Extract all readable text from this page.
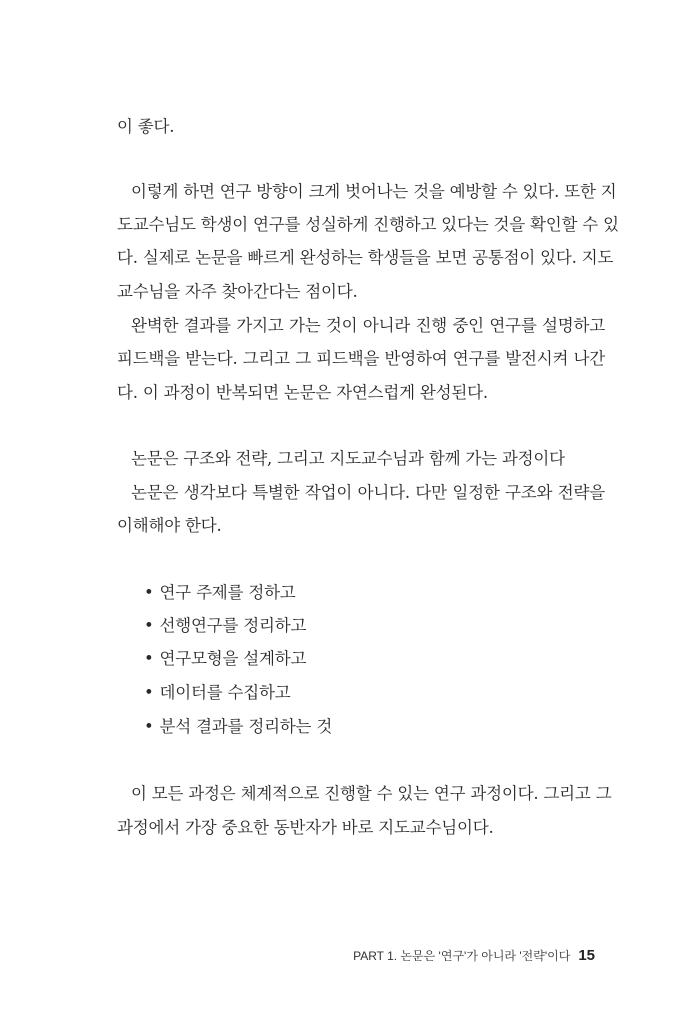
이 좋다.
이렇게 하면 연구 방향이 크게 벗어나는 것을 예방할 수 있다. 또한 지
도교수님도 학생이 연구를 성실하게 진행하고 있다는 것을 확인할 수 있
다. 실제로 논문을 빠르게 완성하는 학생들을 보면 공통점이 있다. 지도
교수님을 자주 찾아간다는 점이다.
완벽한 결과를 가지고 가는 것이 아니라 진행 중인 연구를 설명하고
피드백을 받는다. 그리고 그 피드백을 반영하여 연구를 발전시켜 나간
다. 이 과정이 반복되면 논문은 자연스럽게 완성된다.
논문은 구조와 전략, 그리고 지도교수님과 함께 가는 과정이다
논문은 생각보다 특별한 작업이 아니다. 다만 일정한 구조와 전략을
이해해야 한다.
• 연구 주제를 정하고
• 선행연구를 정리하고
• 연구모형을 설계하고
• 데이터를 수집하고
• 분석 결과를 정리하는 것
이 모든 과정은 체계적으로 진행할 수 있는 연구 과정이다. 그리고 그
과정에서 가장 중요한 동반자가 바로 지도교수님이다.
PART 1. 논문은 '연구'가 아니라 '전략'이다 15
